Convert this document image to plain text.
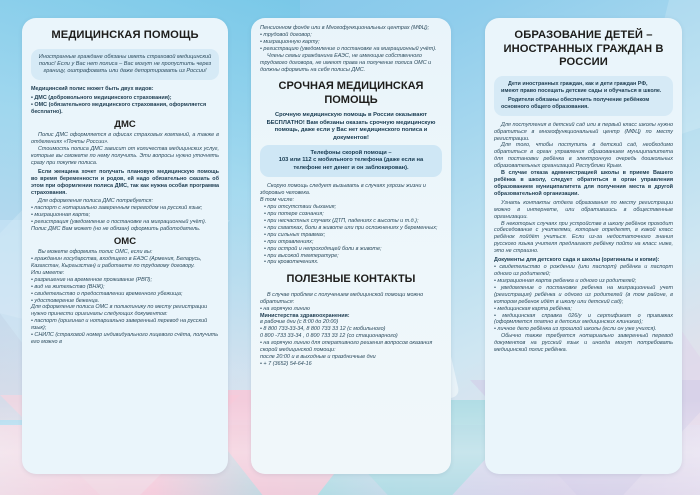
МЕДИЦИНСКАЯ ПОМОЩЬ

Иностранные граждане обязаны иметь страховой медицинский полис! Если у Вас нет полиса – Вас могут не пропустить через границу, оштрафовать или даже депортировать из России!

Медицинский полис может быть двух видов:

• ДМС (добровольного медицинского страхования);

• ОМС (обязательного медицинского страхования, оформляется бесплатно).

ДМС

Полис ДМС оформляется в офисах страховых компаний, а также в отделениях «Почты России».

Стоимость полиса ДМС зависит от количества медицинских услуг, которые вы сможете по нему получить. Эти вопросы нужно уточнять сразу при покупке полиса.

Если женщина хочет получать плановую медицинскую помощь во время беременности и родов, ей надо обязательно сказать об этом при оформлении полиса ДМС, так как нужна особая программа страхования.

Для оформления полиса ДМС потребуется:

• паспорт с нотариально заверенным переводом на русский язык;

• миграционная карта;

• регистрация (уведомление о постановке на миграционный учёт).

Полис ДМС Вам может (но не обязан) оформить работодатель.

ОМС

Вы можете оформить полис ОМС, если вы:

• гражданин государства, входящего в ЕАЭС (Армения, Беларусь, Казахстан, Кыргызстан) и работаете по трудовому договору.

Или имеете:

• разрешение на временное проживание (РВП);

• вид на жительство (ВНЖ);

• свидетельство о предоставлении временного убежища;

• удостоверение беженца.

Для оформления полиса ОМС в поликлинику по месту регистрации нужно принести оригиналы следующих документов:

• паспорт (оригинал и нотариально заверенный перевод на русский язык);

• СНИЛС (страховой номер индивидуального лицевого счёта, получить его можно в

Пенсионном фонде или в Многофункциональных центрах (МФЦ);

• трудовой договор;

• миграционную карту;

• регистрацию (уведомление о постановке на миграционный учёт).

Члены семьи гражданина ЕАЭС, не имеющие собственного трудового договора, не имеют права на получение полиса ОМС и должны оформить на себя полисы ДМС.

СРОЧНАЯ МЕДИЦИНСКАЯ ПОМОЩЬ

Срочную медицинскую помощь в России оказывают БЕСПЛАТНО! Вам обязаны оказать срочную медицинскую помощь, даже если у Вас нет медицинского полиса и документов!

Телефоны скорой помощи –

103 или 112 с мобильного телефона (даже если на телефоне нет денег и он заблокирован).

Скорую помощь следует вызывать в случаях угрозы жизни и здоровью человека.

В том числе:

• при отсутствии дыхания;

• при потере сознания;

• при несчастных случаях (ДТП, падениях с высоты и т.д.);

• при схватках, боли в животе или при осложнениях у беременных;

• при сильных травмах;

• при отравлениях;

• при острой и непроходящей боли в животе;

• при высокой температуре;

• при кровотечениях.

ПОЛЕЗНЫЕ КОНТАКТЫ

В случае проблем с получением медицинской помощи можно обратиться:

• на горячую линию

Министерства здравоохранения:

в рабочие дни (с 8:00 до 20:00)

• 8 800 733-33-34, 8 800 733 33 12 (с мобильного)

0 800 -733 33-34 , 0 800 733 33 12 (со стационарного)

• на горячую линию для оперативного решения вопросов оказания скорой медицинской помощи:

после 20:00 и в выходные и праздничные дни

• + 7 (3652) 54-64-16

ОБРАЗОВАНИЕ ДЕТЕЙ – ИНОСТРАННЫХ ГРАЖДАН В РОССИИ

Дети иностранных граждан, как и дети граждан РФ, имеют право посещать детские сады и обучаться в школе.

Родители обязаны обеспечить получение ребёнком основного общего образования.

Для поступления в детский сад или в первый класс школы нужно обратиться в многофункциональный центр (МФЦ) по месту регистрации.

Для того, чтобы поступить в детский сад, необходимо обратиться в орган управления образованием муниципалитета для постановки ребёнка в электронную очередь дошкольных образовательных организаций Республики Крым.

В случае отказа администрацией школы в приеме Вашего ребёнка в школу, следует обратиться в орган управления образованием муниципалитета для получения места в другой образовательной организации.

Узнать контакты отдела образования по месту регистрации можно в интернете, или обратившись в общественные организации.

В некоторых случаях при устройстве в школу ребёнок проходит собеседование с учителями, которые определят, в какой класс ребёнок пойдёт учиться. Если из-за недостаточного знания русского языка учителя предлагают ребёнку пойти на класс ниже, это не страшно.

Документы для детского сада и школы (оригиналы и копии):

• свидетельство о рождении (или паспорт) ребёнка и паспорт одного из родителей;

• миграционная карта ребенка и одного из родителей;

• уведомление о постановке ребенка на миграционный учет (регистрация) ребёнка и одного из родителей (в том районе, в котором ребенок идёт в школу или детский сад);

• медицинская карта ребёнка;

• медицинская справка 026/у и сертификат о прививках (оформляется платно в детских медицинских клиниках);

• личное дело ребёнка из прошлой школы (если он уже учился).

Обычно также требуется нотариально заверенный перевод документов на русский язык и иногда могут потребовать медицинский полис ребёнка.
